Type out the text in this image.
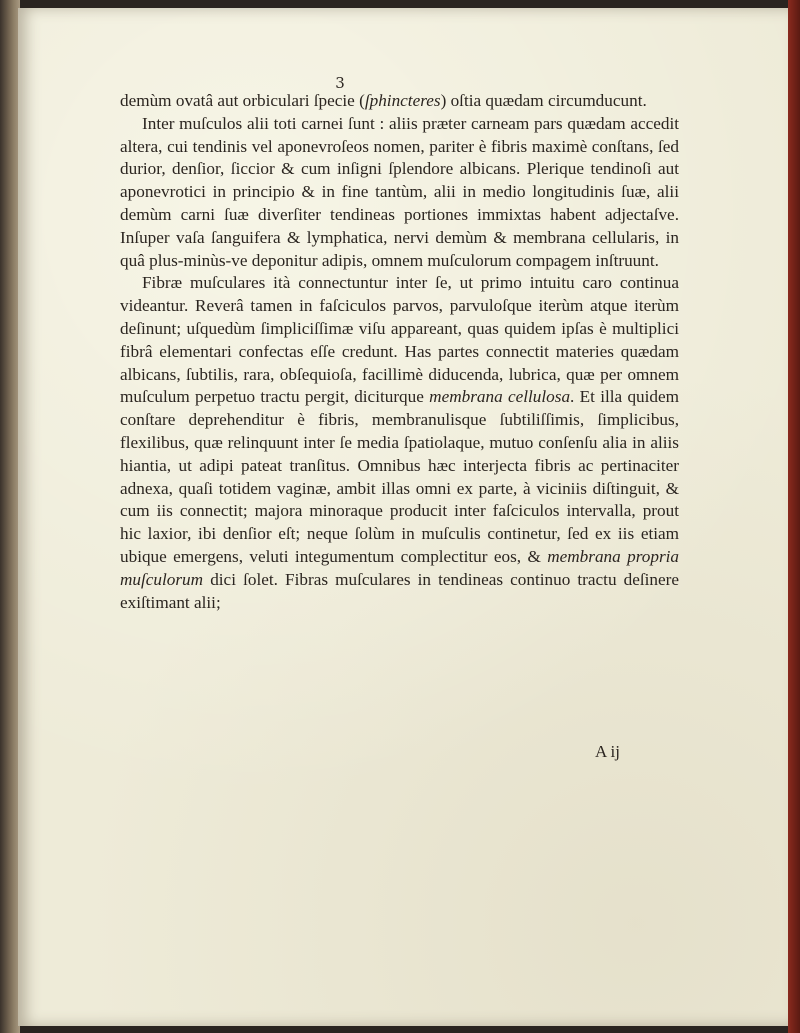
3

demùm ovatâ aut orbiculari ſpecie (ſphincteres) oſtia quædam circumducunt.

Inter muſculos alii toti carnei ſunt : aliis præter carneam pars quædam accedit altera, cui tendinis vel aponevroſeos nomen, pariter è fibris maximè conſtans, ſed durior, denſior, ſiccior & cum inſigni ſplendore albicans. Plerique tendinoſi aut aponevrotici in principio & in fine tantùm, alii in medio longitudinis ſuæ, alii demùm carni ſuæ diverſiter tendineas portiones immixtas habent adjectaſve. Inſuper vaſa ſanguifera & lymphatica, nervi demùm & membrana cellularis, in quâ plus-minùs-ve deponitur adipis, omnem muſculorum compagem inſtruunt.

Fibræ muſculares ità connectuntur inter ſe, ut primo intuitu caro continua videantur. Reverâ tamen in faſciculos parvos, parvuloſque iterùm atque iterùm deſinunt; uſquedùm ſimpliciſſimæ viſu appareant, quas quidem ipſas è multiplici fibrâ elementari confectas eſſe credunt. Has partes connectit materies quædam albicans, ſubtilis, rara, obſequioſa, facillimè diducenda, lubrica, quæ per omnem muſculum perpetuo tractu pergit, diciturque membrana cellulosa. Et illa quidem conſtare deprehenditur è fibris, membranulisque ſubtiliſſimis, ſimplicibus, flexilibus, quæ relinquunt inter ſe media ſpatiolaque, mutuo conſenſu alia in aliis hiantia, ut adipi pateat tranſitus. Omnibus hæc interjecta fibris ac pertinaciter adnexa, quaſi totidem vaginæ, ambit illas omni ex parte, à viciniis diſtinguit, & cum iis connectit; majora minoraque producit inter faſciculos intervalla, prout hic laxior, ibi denſior eſt; neque ſolùm in muſculis continetur, ſed ex iis etiam ubique emergens, veluti integumentum complectitur eos, & membrana propria muſculorum dici ſolet. Fibras muſculares in tendineas continuo tractu deſinere exiſtimant alii;

A ij
